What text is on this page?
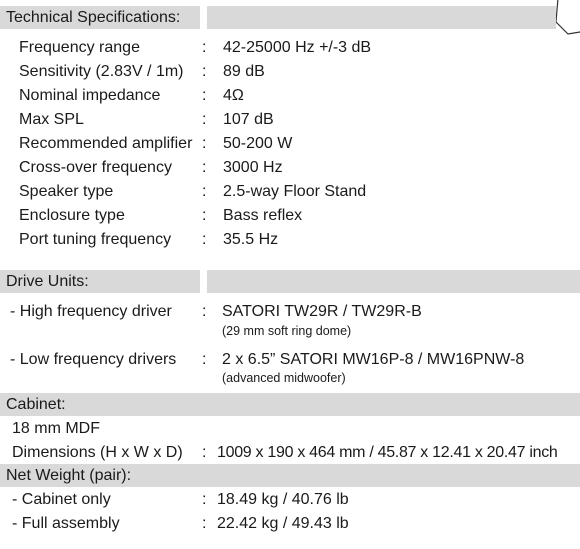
Technical Specifications:
Frequency range	: 42-25000 Hz +/-3 dB
Sensitivity (2.83V / 1m) : 89 dB
Nominal impedance	: 4Ω
Max SPL	: 107 dB
Recommended amplifier : 50-200 W
Cross-over frequency : 3000 Hz
Speaker type	: 2.5-way Floor Stand
Enclosure type	: Bass reflex
Port tuning frequency : 35.5 Hz
Drive Units:
- High frequency driver : SATORI TW29R / TW29R-B
(29 mm soft ring dome)
- Low frequency drivers : 2 x 6.5” SATORI MW16P-8 / MW16PNW-8
(advanced midwoofer)
Cabinet:
18 mm MDF
Dimensions (H x W x D) : 1009 x 190 x 464 mm / 45.87 x 12.41 x 20.47 inch
Net Weight (pair):
- Cabinet only	: 18.49 kg / 40.76 lb
- Full assembly	: 22.42 kg / 49.43 lb
